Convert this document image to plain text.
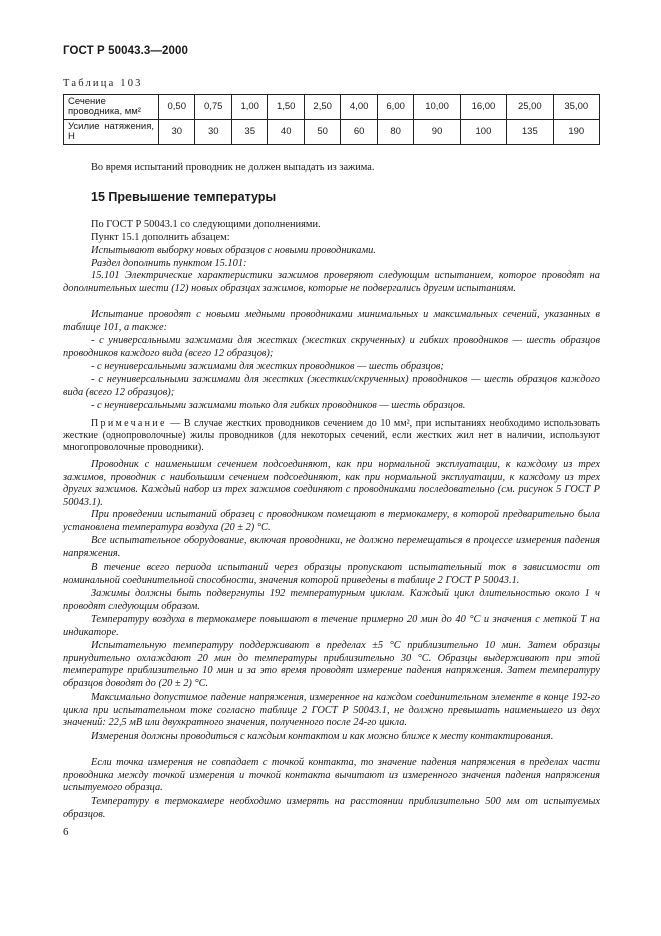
ГОСТ Р 50043.3—2000
Таблица 103
Сечение проводника, мм²	0,50	0,75	1,00	1,50	2,50	4,00	6,00	10,00	16,00	25,00	35,00
Усилие натяжения, Н	30	30	35	40	50	60	80	90	100	135	190
Во время испытаний проводник не должен выпадать из зажима.
15 Превышение температуры
По ГОСТ Р 50043.1 со следующими дополнениями.
Пункт 15.1 дополнить абзацем:
Испытывают выборку новых образцов с новыми проводниками.
Раздел дополнить пунктом 15.101:
15.101 Электрические характеристики зажимов проверяют следующим испытанием, которое проводят на дополнительных шести (12) новых образцах зажимов, которые не подвергались другим испытаниям.
Испытание проводят с новыми медными проводниками минимальных и максимальных сечений, указанных в таблице 101, а также:
- с универсальными зажимами для жестких (жестких скрученных) и гибких проводников — шесть образцов проводников каждого вида (всего 12 образцов);
- с неуниверсальными зажимами для жестких проводников — шесть образцов;
- с неуниверсальными зажимами для жестких (жестких/скрученных) проводников — шесть образцов каждого вида (всего 12 образцов);
- с неуниверсальными зажимами только для гибких проводников — шесть образцов.
Примечание — В случае жестких проводников сечением до 10 мм², при испытаниях необходимо использовать жесткие (однопроволочные) жилы проводников (для некоторых сечений, если жестких жил нет в наличии, используют многопроволочные проводники).
Проводник с наименьшим сечением подсоединяют, как при нормальной эксплуатации, к каждому из трех зажимов, проводник с наибольшим сечением подсоединяют, как при нормальной эксплуатации, к каждому из трех других зажимов. Каждый набор из трех зажимов соединяют с проводниками последовательно (см. рисунок 5 ГОСТ Р 50043.1).
При проведении испытаний образец с проводником помещают в термокамеру, в которой предварительно была установлена температура воздуха (20 ± 2) °С.
Все испытательное оборудование, включая проводники, не должно перемещаться в процессе измерения падения напряжения.
В течение всего периода испытаний через образцы пропускают испытательный ток в зависимости от номинальной соединительной способности, значения которой приведены в таблице 2 ГОСТ Р 50043.1.
Зажимы должны быть подвергнуты 192 температурным циклам. Каждый цикл длительностью около 1 ч проводят следующим образом.
Температуру воздуха в термокамере повышают в течение примерно 20 мин до 40 °С и значения с меткой Т на индикаторе.
Испытательную температуру поддерживают в пределах ±5 °С приблизительно 10 мин. Затем образцы принудительно охлаждают 20 мин до температуры приблизительно 30 °С. Образцы выдерживают при этой температуре приблизительно 10 мин и за это время проводят измерение падения напряжения. Затем температуру образцов доводят до (20 ± 2) °С.
Максимально допустимое падение напряжения, измеренное на каждом соединительном элементе в конце 192-го цикла при испытательном токе согласно таблице 2 ГОСТ Р 50043.1, не должно превышать наименьшего из двух значений: 22,5 мВ или двухкратного значения, полученного после 24-го цикла.
Измерения должны проводиться с каждым контактом и как можно ближе к месту контактирования.
Если точка измерения не совпадает с точкой контакта, то значение падения напряжения в пределах части проводника между точкой измерения и точкой контакта вычитают из измеренного значения падения напряжения испытуемого образца.
Температуру в термокамере необходимо измерять на расстоянии приблизительно 500 мм от испытуемых образцов.
6
